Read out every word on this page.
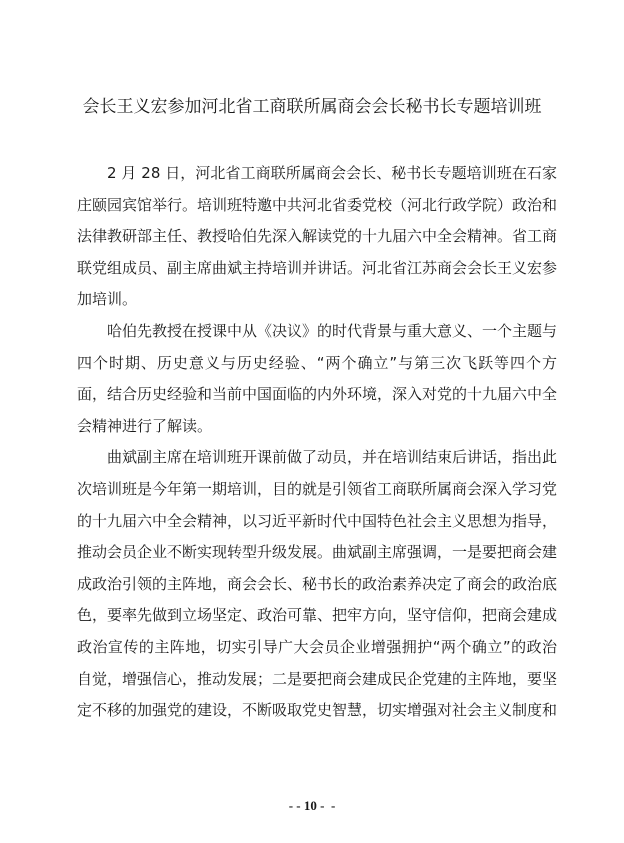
会长王义宏参加河北省工商联所属商会会长秘书长专题培训班

2 月 28 日，河北省工商联所属商会会长、秘书长专题培训班在石家庄颐园宾馆举行。培训班特邀中共河北省委党校（河北行政学院）政治和法律教研部主任、教授哈伯先深入解读党的十九届六中全会精神。省工商联党组成员、副主席曲斌主持培训并讲话。河北省江苏商会会长王义宏参加培训。

哈伯先教授在授课中从《决议》的时代背景与重大意义、一个主题与四个时期、历史意义与历史经验、“两个确立”与第三次飞跃等四个方面，结合历史经验和当前中国面临的内外环境，深入对党的十九届六中全会精神进行了解读。

曲斌副主席在培训班开课前做了动员，并在培训结束后讲话，指出此次培训班是今年第一期培训，目的就是引领省工商联所属商会深入学习党的十九届六中全会精神，以习近平新时代中国特色社会主义思想为指导，推动会员企业不断实现转型升级发展。曲斌副主席强调，一是要把商会建成政治引领的主阵地，商会会长、秘书长的政治素养决定了商会的政治底色，要率先做到立场坚定、政治可靠、把牢方向，坚守信仰，把商会建成政治宣传的主阵地，切实引导广大会员企业增强拥护“两个确立”的政治自觉，增强信心，推动发展；二是要把商会建成民企党建的主阵地，要坚定不移的加强党的建设，不断吸取党史智慧，切实增强对社会主义制度和

- - 10 -  -
